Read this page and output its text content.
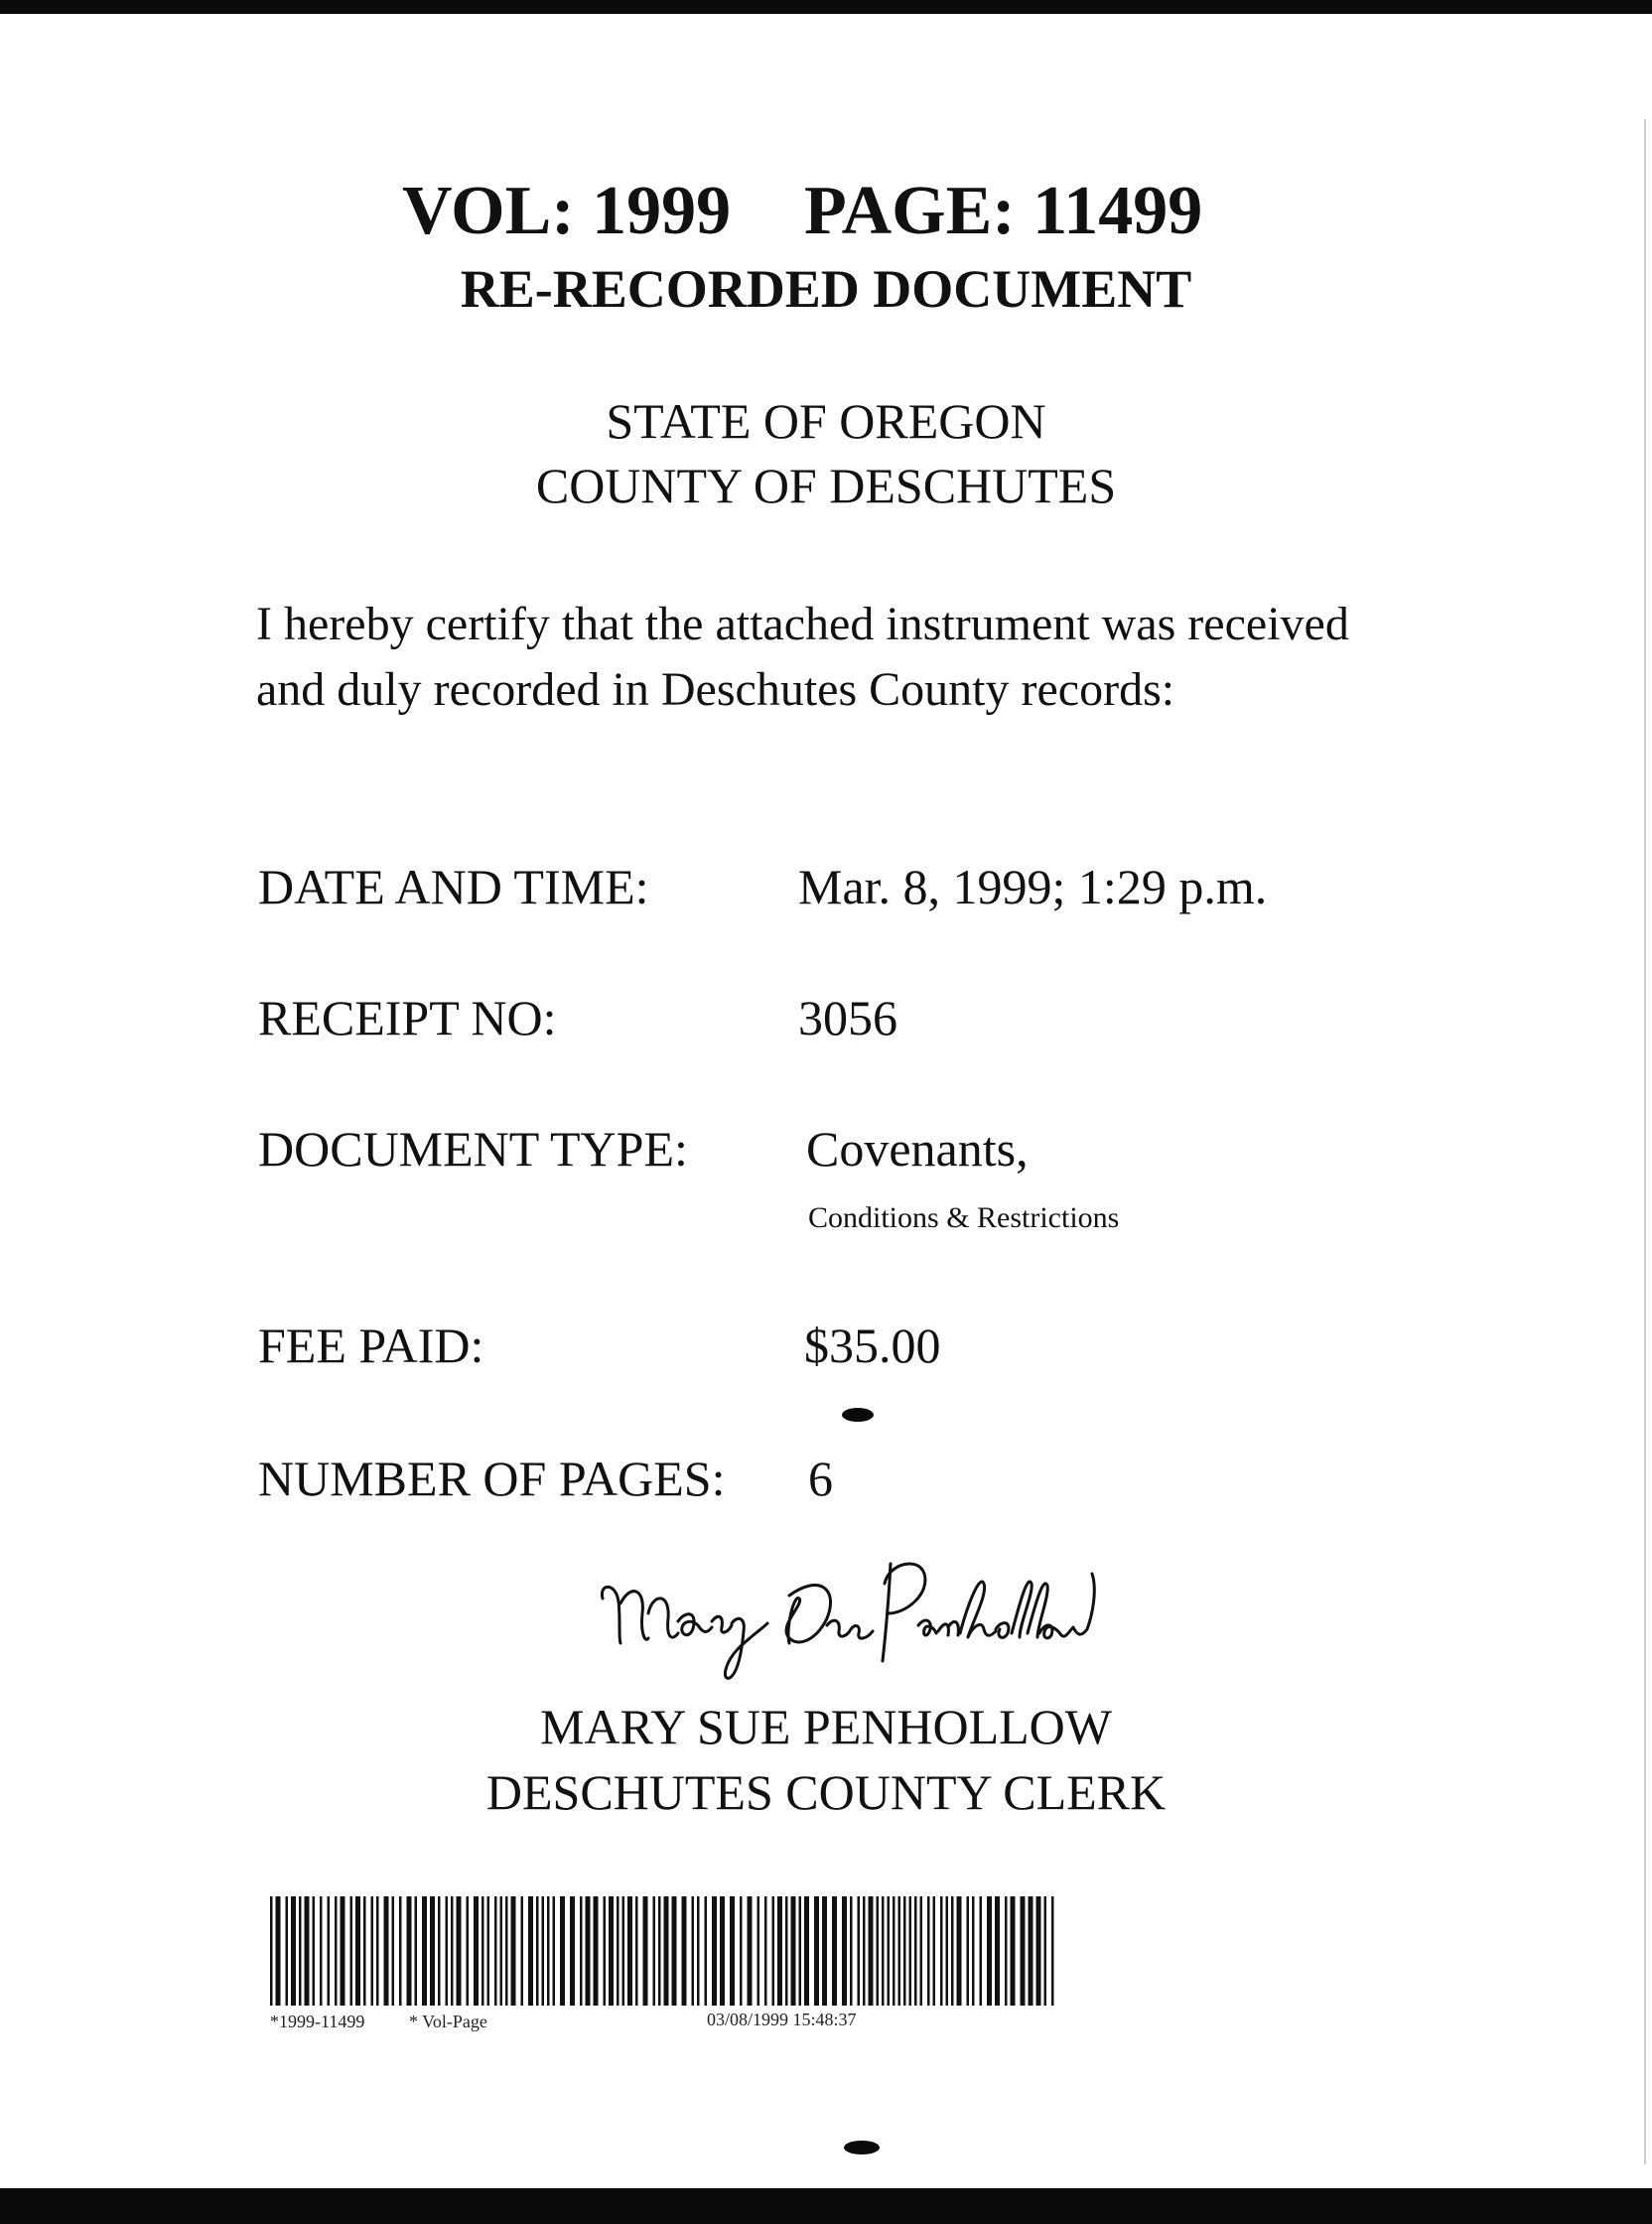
VOL: 1999 PAGE: 11499
RE-RECORDED DOCUMENT
STATE OF OREGON
COUNTY OF DESCHUTES
I hereby certify that the attached instrument was received and duly recorded in Deschutes County records:
DATE AND TIME:	Mar. 8, 1999; 1:29 p.m.
RECEIPT NO:	3056
DOCUMENT TYPE: Covenants,
Conditions & Restrictions
FEE PAID:	$35.00
NUMBER OF PAGES: 6
MARY SUE PENHOLLOW
DESCHUTES COUNTY CLERK
*1999-11499 * Vol-Page	03/08/1999 15:48:37
